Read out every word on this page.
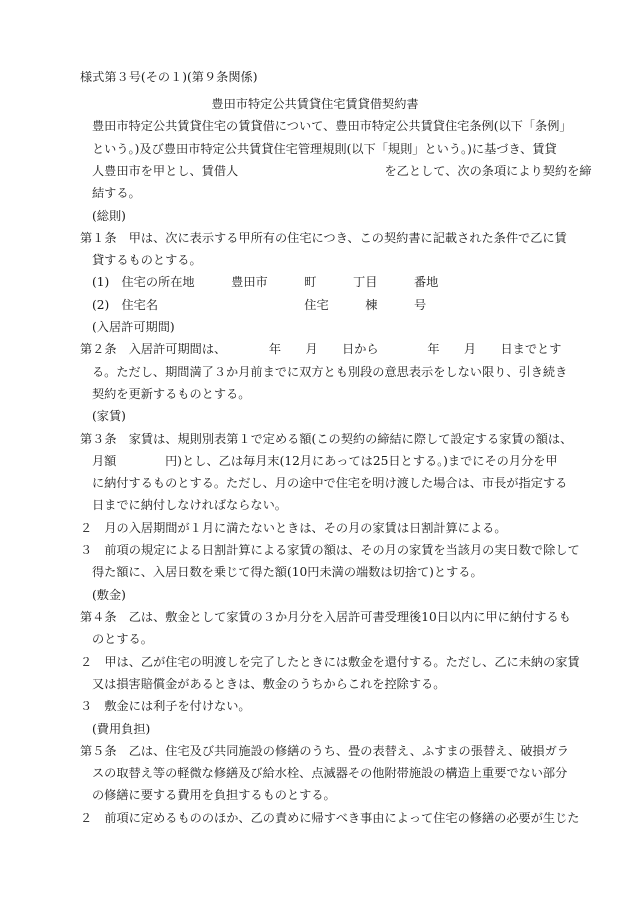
様式第３号(その１)(第９条関係)
豊田市特定公共賃貸住宅賃貸借契約書
豊田市特定公共賃貸住宅の賃貸借について、豊田市特定公共賃貸住宅条例(以下「条例」
という。)及び豊田市特定公共賃貸住宅管理規則(以下「規則」という。)に基づき、賃貸
人豊田市を甲とし、賃借人　　　　　　　　　　　　を乙として、次の条項により契約を締
結する。
(総則)
第１条　甲は、次に表示する甲所有の住宅につき、この契約書に記載された条件で乙に賃
貸するものとする。
(1)　住宅の所在地　　　豊田市　　　町　　　丁目　　　番地
(2)　住宅名　　　　　　　　　　　　住宅　　　棟　　　号
(入居許可期間)
第２条　入居許可期間は、　　　　年　　月　　日から　　　　年　　月　　日までとす
る。ただし、期間満了３か月前までに双方とも別段の意思表示をしない限り、引き続き
契約を更新するものとする。
(家賃)
第３条　家賃は、規則別表第１で定める額(この契約の締結に際して設定する家賃の額は、
月額　　　　円)とし、乙は毎月末(12月にあっては25日とする。)までにその月分を甲
に納付するものとする。ただし、月の途中で住宅を明け渡した場合は、市長が指定する
日までに納付しなければならない。
２　月の入居期間が１月に満たないときは、その月の家賃は日割計算による。
３　前項の規定による日割計算による家賃の額は、その月の家賃を当該月の実日数で除して
得た額に、入居日数を乗じて得た額(10円未満の端数は切捨て)とする。
(敷金)
第４条　乙は、敷金として家賃の３か月分を入居許可書受理後10日以内に甲に納付するも
のとする。
２　甲は、乙が住宅の明渡しを完了したときには敷金を還付する。ただし、乙に未納の家賃
又は損害賠償金があるときは、敷金のうちからこれを控除する。
３　敷金には利子を付けない。
(費用負担)
第５条　乙は、住宅及び共同施設の修繕のうち、畳の表替え、ふすまの張替え、破損ガラ
スの取替え等の軽微な修繕及び給水栓、点滅器その他附帯施設の構造上重要でない部分
の修繕に要する費用を負担するものとする。
２　前項に定めるもののほか、乙の責めに帰すべき事由によって住宅の修繕の必要が生じた
